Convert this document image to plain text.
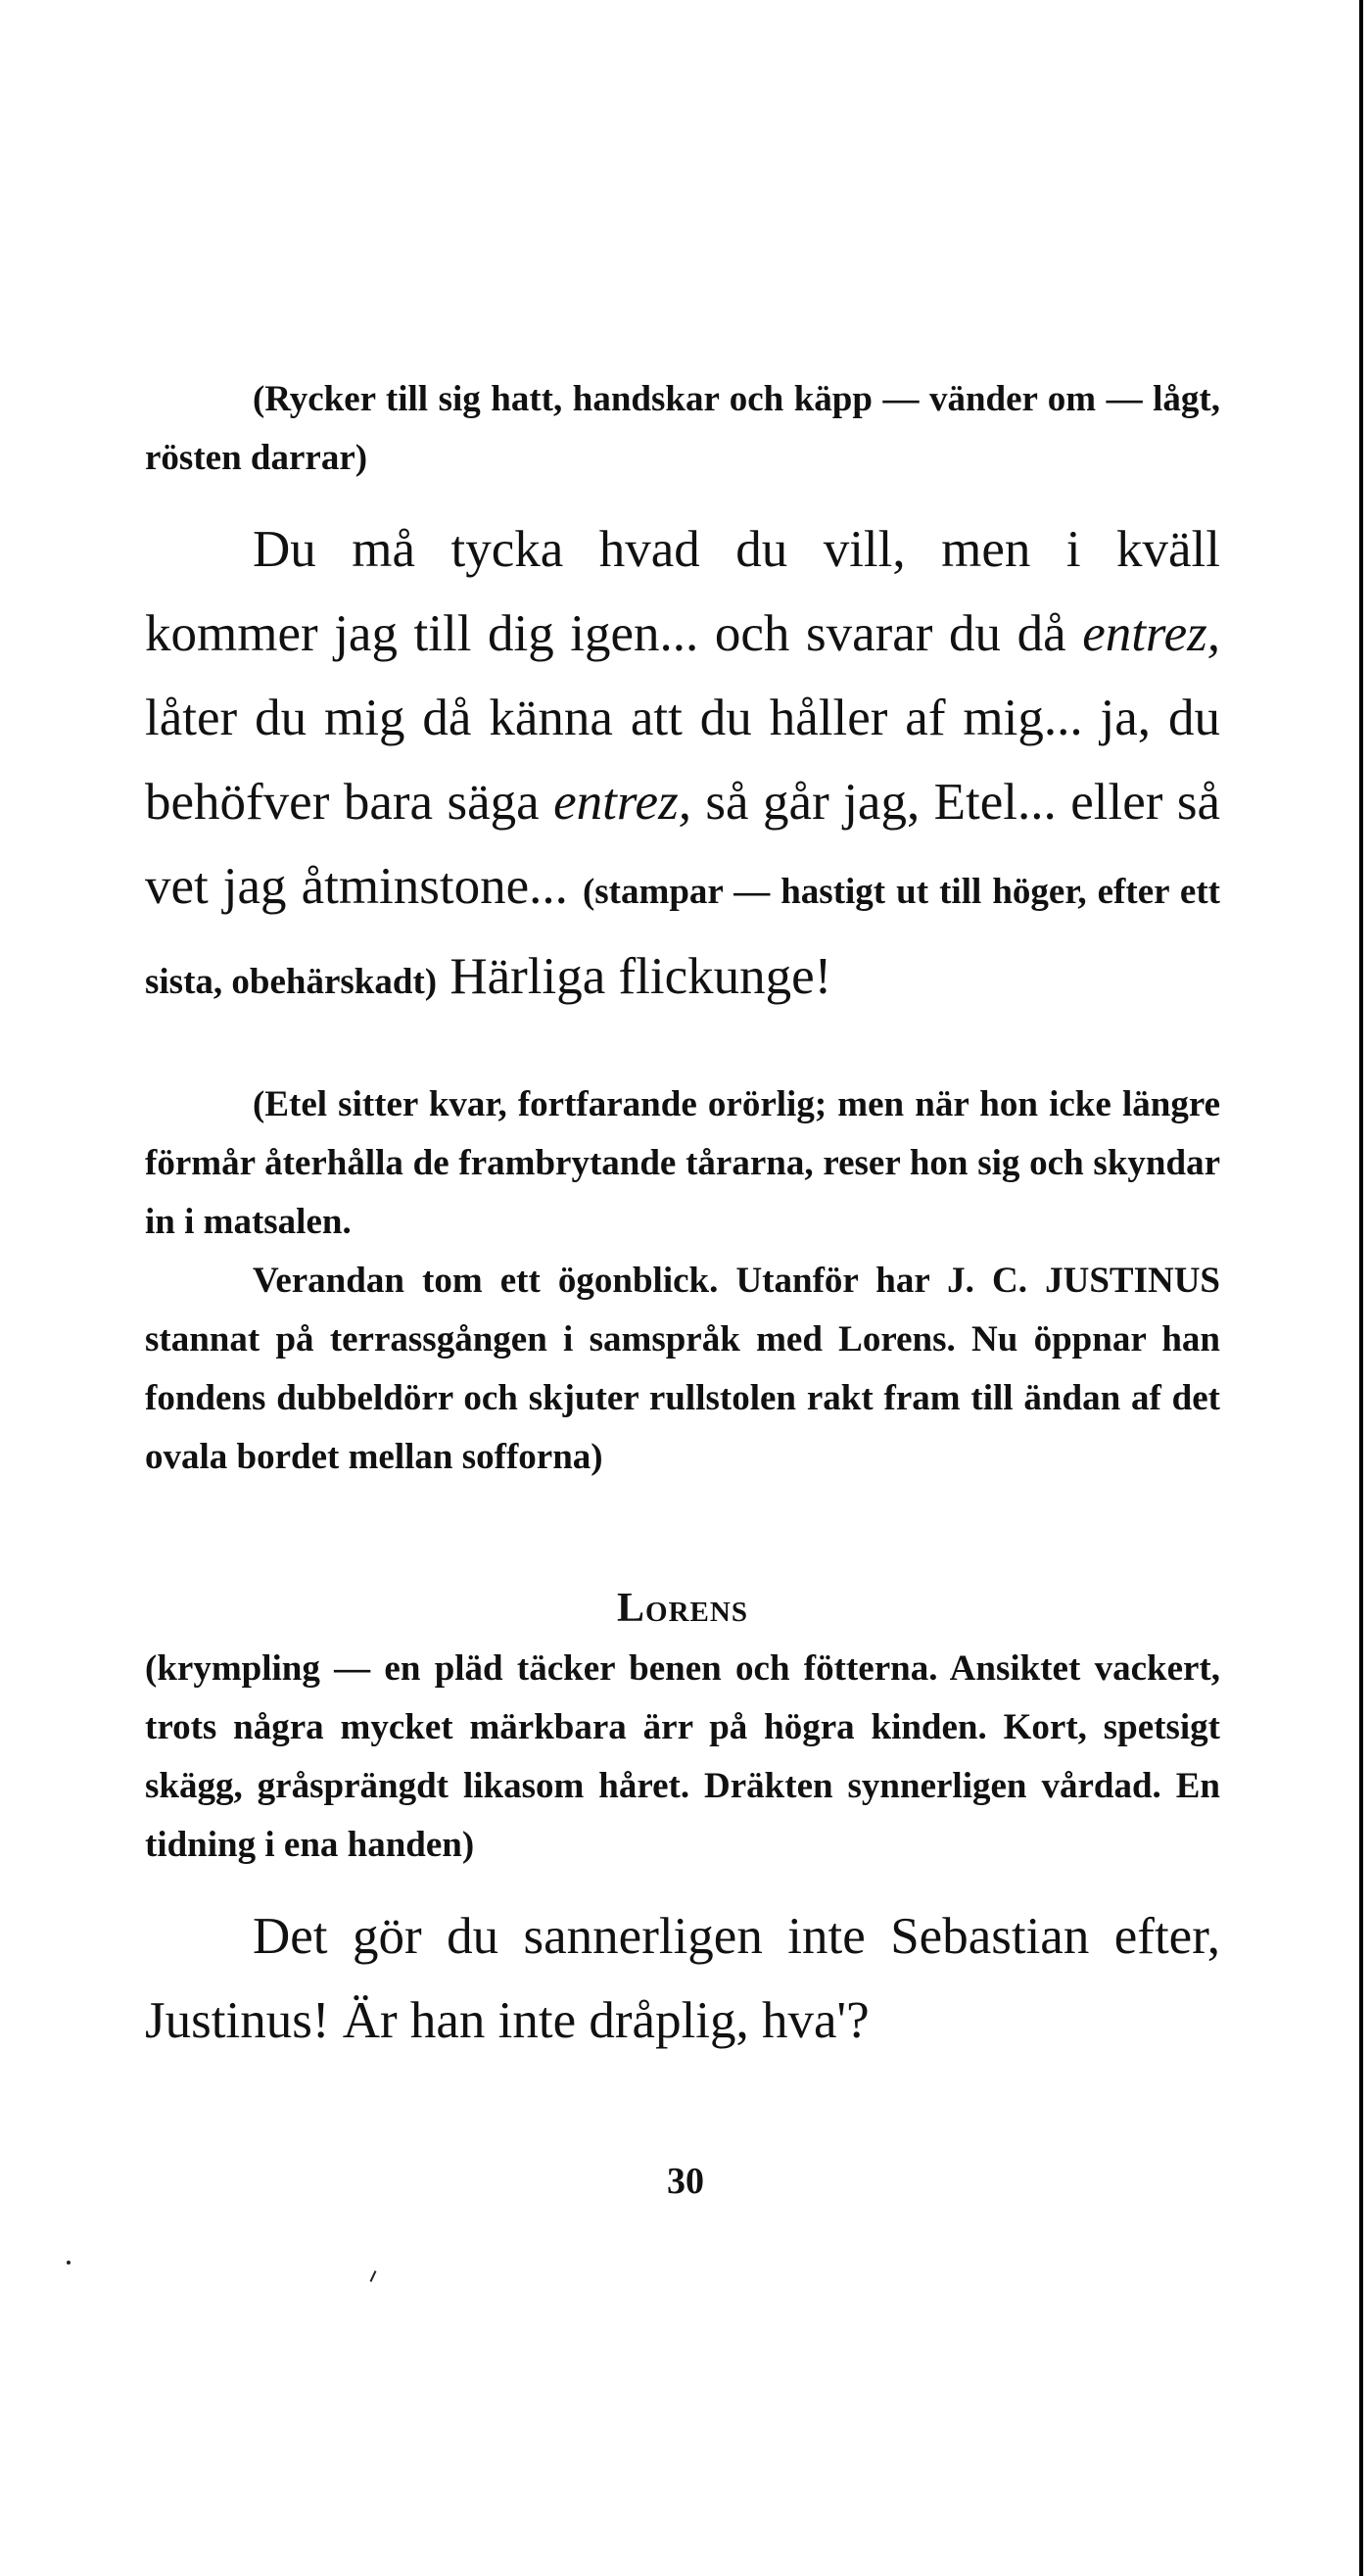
(Rycker till sig hatt, handskar och käpp — vänder om — lågt, rösten darrar)

Du må tycka hvad du vill, men i kväll kommer jag till dig igen... och svarar du då entrez, låter du mig då känna att du håller af mig... ja, du behöfver bara säga entrez, så går jag, Etel... eller så vet jag åtminstone... (stampar — hastigt ut till höger, efter ett sista, obehärskadt) Härliga flickunge!

(Etel sitter kvar, fortfarande orörlig; men när hon icke längre förmår återhålla de frambrytande tårarna, reser hon sig och skyndar in i matsalen.

Verandan tom ett ögonblick. Utanför har J. C. JUSTINUS stannat på terrassgången i samspråk med Lorens. Nu öppnar han fondens dubbeldörr och skjuter rullstolen rakt fram till ändan af det ovala bordet mellan sofforna)

Lorens

(krympling — en pläd täcker benen och fötterna. Ansiktet vackert, trots några mycket märkbara ärr på högra kinden. Kort, spetsigt skägg, gråsprängdt likasom håret. Dräkten synnerligen vårdad. En tidning i ena handen)

Det gör du sannerligen inte Sebastian efter, Justinus! Är han inte dråplig, hva'?

30
